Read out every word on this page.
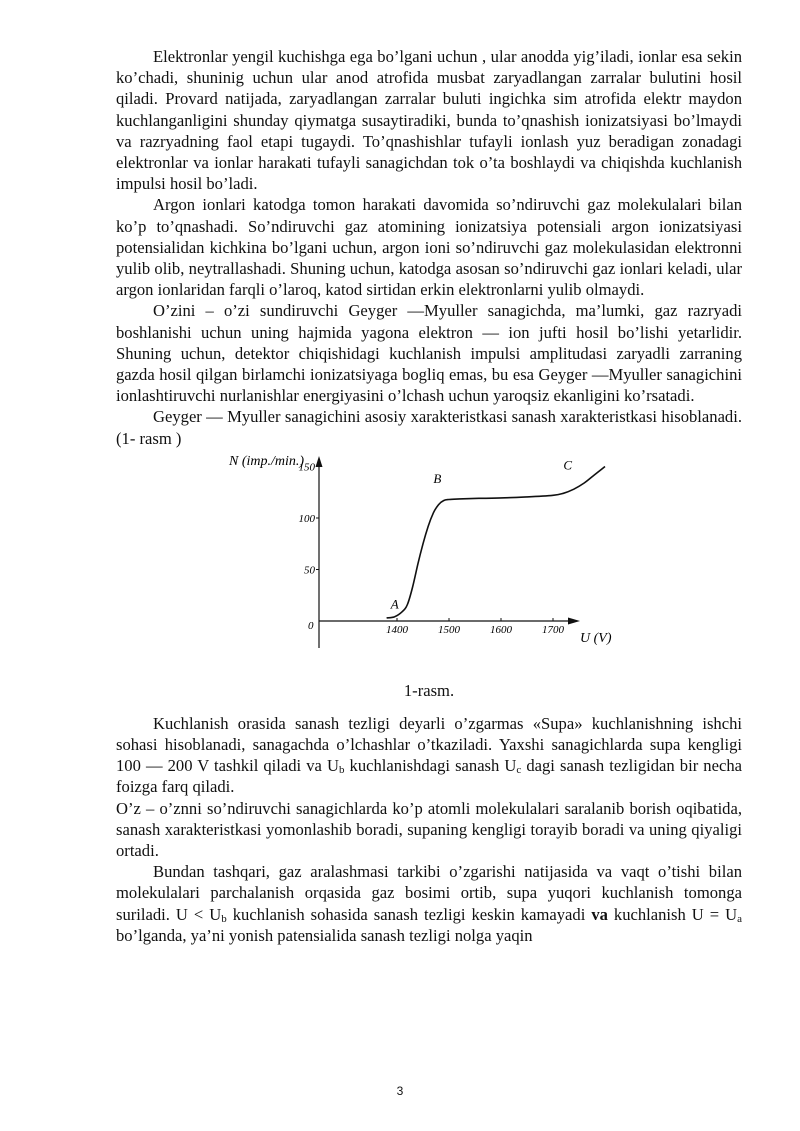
Elektronlar yengil kuchishga ega bo’lgani uchun , ular anodda yig’iladi, ionlar esa sekin ko’chadi, shuninig uchun ular anod atrofida musbat zaryadlangan zarralar bulutini hosil qiladi. Provard natijada, zaryadlangan zarralar buluti ingichka sim atrofida elektr maydon kuchlanganligini shunday qiymatga susaytiradiki, bunda to’qnashish ionizatsiyasi bo’lmaydi va razryadning faol etapi tugaydi. To’qnashishlar tufayli ionlash yuz beradigan zonadagi elektronlar va ionlar harakati tufayli sanagichdan tok o’ta boshlaydi va chiqishda kuchlanish impulsi hosil bo’ladi.

Argon ionlari katodga tomon harakati davomida so’ndiruvchi gaz molekulalari bilan ko’p to’qnashadi. So’ndiruvchi gaz atomining ionizatsiya potensiali argon ionizatsiyasi potensialidan kichkina bo’lgani uchun, argon ioni so’ndiruvchi gaz molekulasidan elektronni yulib olib, neytrallashadi. Shuning uchun, katodga asosan so’ndiruvchi gaz ionlari keladi, ular argon ionlaridan farqli o’laroq, katod sirtidan erkin elektronlarni yulib olmaydi.

O’zini – o’zi sundiruvchi Geyger —Myuller sanagichda, ma’lumki, gaz razryadi boshlanishi uchun uning hajmida yagona elektron — ion jufti hosil bo’lishi yetarlidir. Shuning uchun, detektor chiqishidagi kuchlanish impulsi amplitudasi zaryadli zarraning gazda hosil qilgan birlamchi ionizatsiyaga bogliq emas, bu esa Geyger —Myuller sanagichini ionlashtiruvchi nurlanishlar energiyasini o’lchash uchun yaroqsiz ekanligini ko’rsatadi.

Geyger — Myuller sanagichini asosiy xarakteristkasi sanash xarakteristkasi hisoblanadi. (1- rasm )

N (imp./min.)
U (V)
0
50
100
150
1400	1500	1600	1700
A
B
C

1-rasm.

Kuchlanish orasida sanash tezligi deyarli o’zgarmas «Supa» kuchlanishning ishchi sohasi hisoblanadi, sanagachda o’lchashlar o’tkaziladi. Yaxshi sanagichlarda supa kengligi 100 — 200 V tashkil qiladi va $U_b$ kuchlanishdagi sanash $U_c$ dagi sanash tezligidan bir necha foizga farq qiladi.

O’z – o’znni so’ndiruvchi sanagichlarda ko’p atomli molekulalari saralanib borish oqibatida, sanash xarakteristkasi yomonlashib boradi, supaning kengligi torayib boradi va uning qiyaligi ortadi.

Bundan tashqari, gaz aralashmasi tarkibi o’zgarishi natijasida va vaqt o’tishi bilan molekulalari parchalanish orqasida gaz bosimi ortib, supa yuqori kuchlanish tomonga suriladi. $U < U_b$ kuchlanish sohasida sanash tezligi keskin kamayadi va kuchlanish $U = U_a$ bo’lganda, ya’ni yonish patensialida sanash tezligi nolga yaqin

3
